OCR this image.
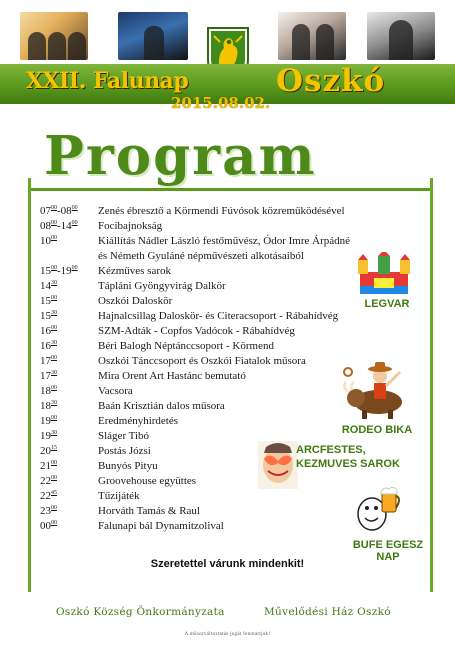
XXII. Falunap	Oszkó
2015.08.02.
Program
$07^{00}-08^{00}$	Zenés ébresztő a Körmendi Fúvósok közreműködésével
$08^{00}-14^{00}$	Focibajnokság
$10^{00}$	Kiállítás Nádler László festőművész, Ódor Imre Árpádné és Németh Gyuláné népművészeti alkotásaiból
$15^{00}-19^{00}$	Kézműves sarok
$14^{30}$	Tápláni Gyöngyvirág Dalkör
$15^{00}$	Oszkói Daloskör
$15^{30}$	Hajnalcsillag Daloskör- és Citeracsoport - Rábahídvég
$16^{00}$	SZM-Adták - Copfos Vadócok - Rábahídvég
$16^{30}$	Béri Balogh Néptánccsoport - Körmend
$17^{00}$	Oszkói Tánccsoport és Oszkói Fiatalok műsora
$17^{30}$	Mira Orent Art Hastánc bemutató
$18^{00}$	Vacsora
$18^{30}$	Baán Krisztián dalos műsora
$19^{00}$	Eredményhirdetés
$19^{30}$	Sláger Tibó
$20^{15}$	Postás Józsi
$21^{00}$	Bunyós Pityu
$22^{00}$	Groovehouse együttes
$22^{45}$	Tűzijáték
$23^{00}$	Horváth Tamás & Raul
$00^{00}$	Falunapi bál Dynamitzolival
LEGVAR
RODEO BIKA
ARCFESTES,
KEZMUVES SAROK
BUFE EGESZ NAP
Szeretettel várunk mindenkit!
Oszkó Község Önkormányzata	Művelődési Ház Oszkó
A műsorváltoztatás jogát fenntartjuk!
